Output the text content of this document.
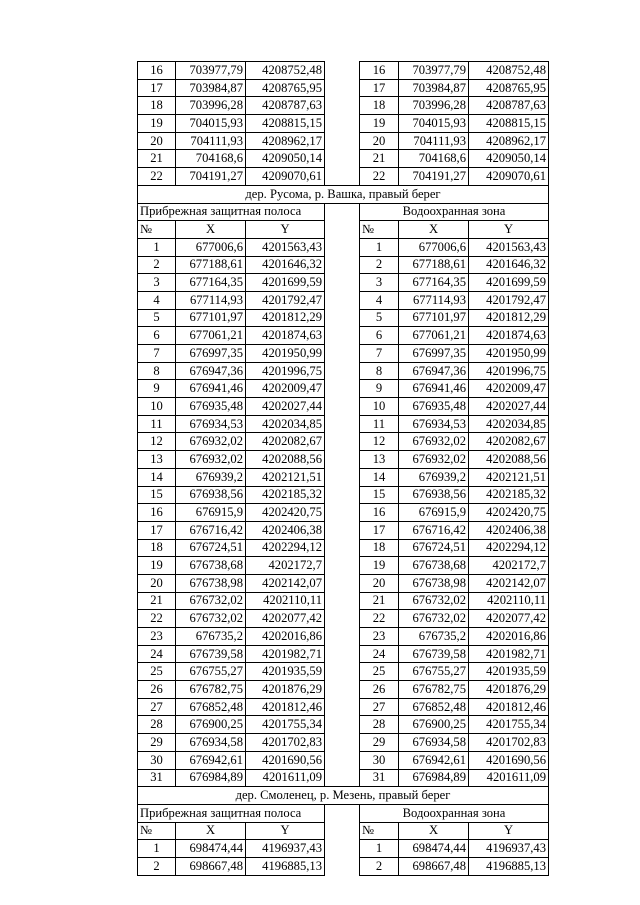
16	703977,79	4208752,48		16	703977,79	4208752,48
17	703984,87	4208765,95		17	703984,87	4208765,95
18	703996,28	4208787,63		18	703996,28	4208787,63
19	704015,93	4208815,15		19	704015,93	4208815,15
20	704111,93	4208962,17		20	704111,93	4208962,17
21	704168,6	4209050,14		21	704168,6	4209050,14
22	704191,27	4209070,61		22	704191,27	4209070,61
дер. Русома, р. Вашка, правый берег						
Прибрежная защитная полоса				Водоохранная зона		
№	X	Y		№	X	Y
1	677006,6	4201563,43		1	677006,6	4201563,43
2	677188,61	4201646,32		2	677188,61	4201646,32
3	677164,35	4201699,59		3	677164,35	4201699,59
4	677114,93	4201792,47		4	677114,93	4201792,47
5	677101,97	4201812,29		5	677101,97	4201812,29
6	677061,21	4201874,63		6	677061,21	4201874,63
7	676997,35	4201950,99		7	676997,35	4201950,99
8	676947,36	4201996,75		8	676947,36	4201996,75
9	676941,46	4202009,47		9	676941,46	4202009,47
10	676935,48	4202027,44		10	676935,48	4202027,44
11	676934,53	4202034,85		11	676934,53	4202034,85
12	676932,02	4202082,67		12	676932,02	4202082,67
13	676932,02	4202088,56		13	676932,02	4202088,56
14	676939,2	4202121,51		14	676939,2	4202121,51
15	676938,56	4202185,32		15	676938,56	4202185,32
16	676915,9	4202420,75		16	676915,9	4202420,75
17	676716,42	4202406,38		17	676716,42	4202406,38
18	676724,51	4202294,12		18	676724,51	4202294,12
19	676738,68	4202172,7		19	676738,68	4202172,7
20	676738,98	4202142,07		20	676738,98	4202142,07
21	676732,02	4202110,11		21	676732,02	4202110,11
22	676732,02	4202077,42		22	676732,02	4202077,42
23	676735,2	4202016,86		23	676735,2	4202016,86
24	676739,58	4201982,71		24	676739,58	4201982,71
25	676755,27	4201935,59		25	676755,27	4201935,59
26	676782,75	4201876,29		26	676782,75	4201876,29
27	676852,48	4201812,46		27	676852,48	4201812,46
28	676900,25	4201755,34		28	676900,25	4201755,34
29	676934,58	4201702,83		29	676934,58	4201702,83
30	676942,61	4201690,56		30	676942,61	4201690,56
31	676984,89	4201611,09		31	676984,89	4201611,09
дер. Смоленец, р. Мезень, правый берег						
Прибрежная защитная полоса				Водоохранная зона		
№	X	Y		№	X	Y
1	698474,44	4196937,43		1	698474,44	4196937,43
2	698667,48	4196885,13		2	698667,48	4196885,13
